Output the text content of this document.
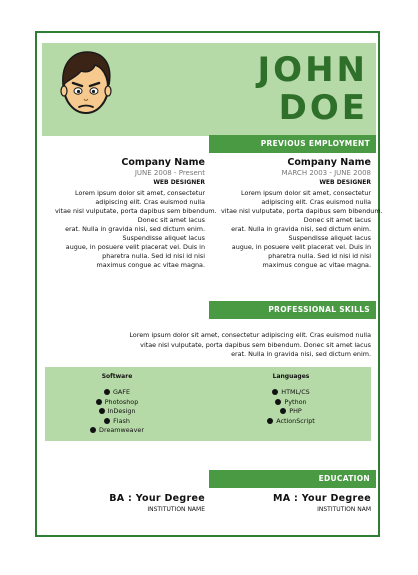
JOHN
DOE
PREVIOUS EMPLOYMENT
Company Name
JUNE 2008 - Present
WEB DESIGNER
Lorem ipsum dolor sit amet, consectetur
adipiscing elit. Cras euismod nulla
vitae nisl vulputate, porta dapibus sem bibendum.
Donec sit amet lacus
erat. Nulla in gravida nisi, sed dictum enim.
Suspendisse aliquet lacus
augue, in posuere velit placerat vel. Duis in
pharetra nulla. Sed id nisi id nisi
maximus congue ac vitae magna.
Company Name
MARCH 2003 - JUNE 2008
WEB DESIGNER
Lorem ipsum dolor sit amet, consectetur
adipiscing elit. Cras euismod nulla
vitae nisl vulputate, porta dapibus sem bibendum.
Donec sit amet lacus
erat. Nulla in gravida nisi, sed dictum enim.
Suspendisse aliquet lacus
augue, in posuere velit placerat vel. Duis in
pharetra nulla. Sed id nisi id nisi
maximus congue ac vitae magna.
PROFESSIONAL SKILLS
Lorem ipsum dolor sit amet, consectetur adipiscing elit. Cras euismod nulla
vitae nisl vulputate, porta dapibus sem bibendum. Donec sit amet lacus
erat. Nulla in gravida nisi, sed dictum enim.
Software
GAFE
Photoshop
InDesign
Flash
Dreamweaver
Languages
HTML/CS
Python
PHP
ActionScript
EDUCATION
BA : Your Degree
INSTITUTION NAME
MA : Your Degree
INSTITUTION NAM
